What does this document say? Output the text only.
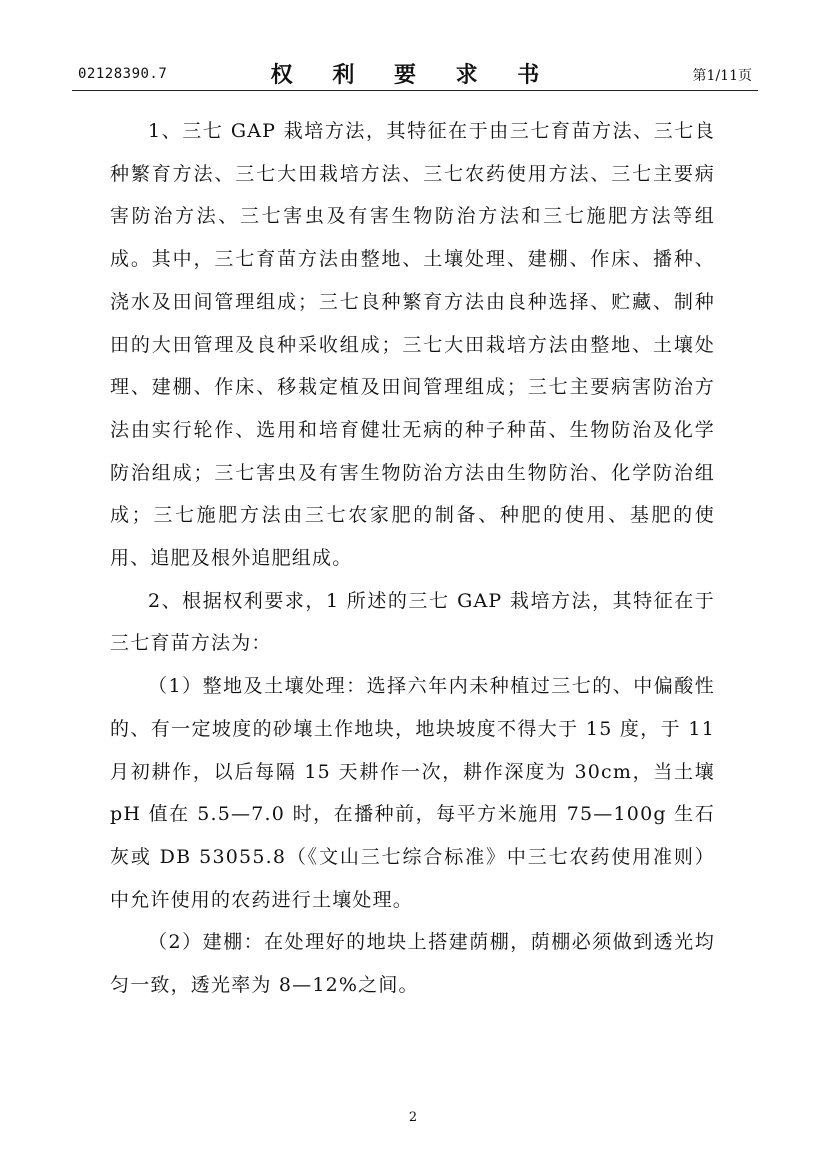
02128390.7	权 利 要 求 书	第1/11页

1、三七 GAP 栽培方法，其特征在于由三七育苗方法、三七良种繁育方法、三七大田栽培方法、三七农药使用方法、三七主要病害防治方法、三七害虫及有害生物防治方法和三七施肥方法等组成。其中，三七育苗方法由整地、土壤处理、建棚、作床、播种、浇水及田间管理组成；三七良种繁育方法由良种选择、贮藏、制种田的大田管理及良种采收组成；三七大田栽培方法由整地、土壤处理、建棚、作床、移栽定植及田间管理组成；三七主要病害防治方法由实行轮作、选用和培育健壮无病的种子种苗、生物防治及化学防治组成；三七害虫及有害生物防治方法由生物防治、化学防治组成；三七施肥方法由三七农家肥的制备、种肥的使用、基肥的使用、追肥及根外追肥组成。

2、根据权利要求，1 所述的三七 GAP 栽培方法，其特征在于三七育苗方法为：

（1）整地及土壤处理：选择六年内未种植过三七的、中偏酸性的、有一定坡度的砂壤土作地块，地块坡度不得大于 15 度，于 11 月初耕作，以后每隔 15 天耕作一次，耕作深度为 30cm，当土壤 pH 值在 5.5—7.0 时，在播种前，每平方米施用 75—100g 生石灰或 DB 53055.8（《文山三七综合标准》中三七农药使用准则）中允许使用的农药进行土壤处理。

（2）建棚：在处理好的地块上搭建荫棚，荫棚必须做到透光均匀一致，透光率为 8—12%之间。

2
